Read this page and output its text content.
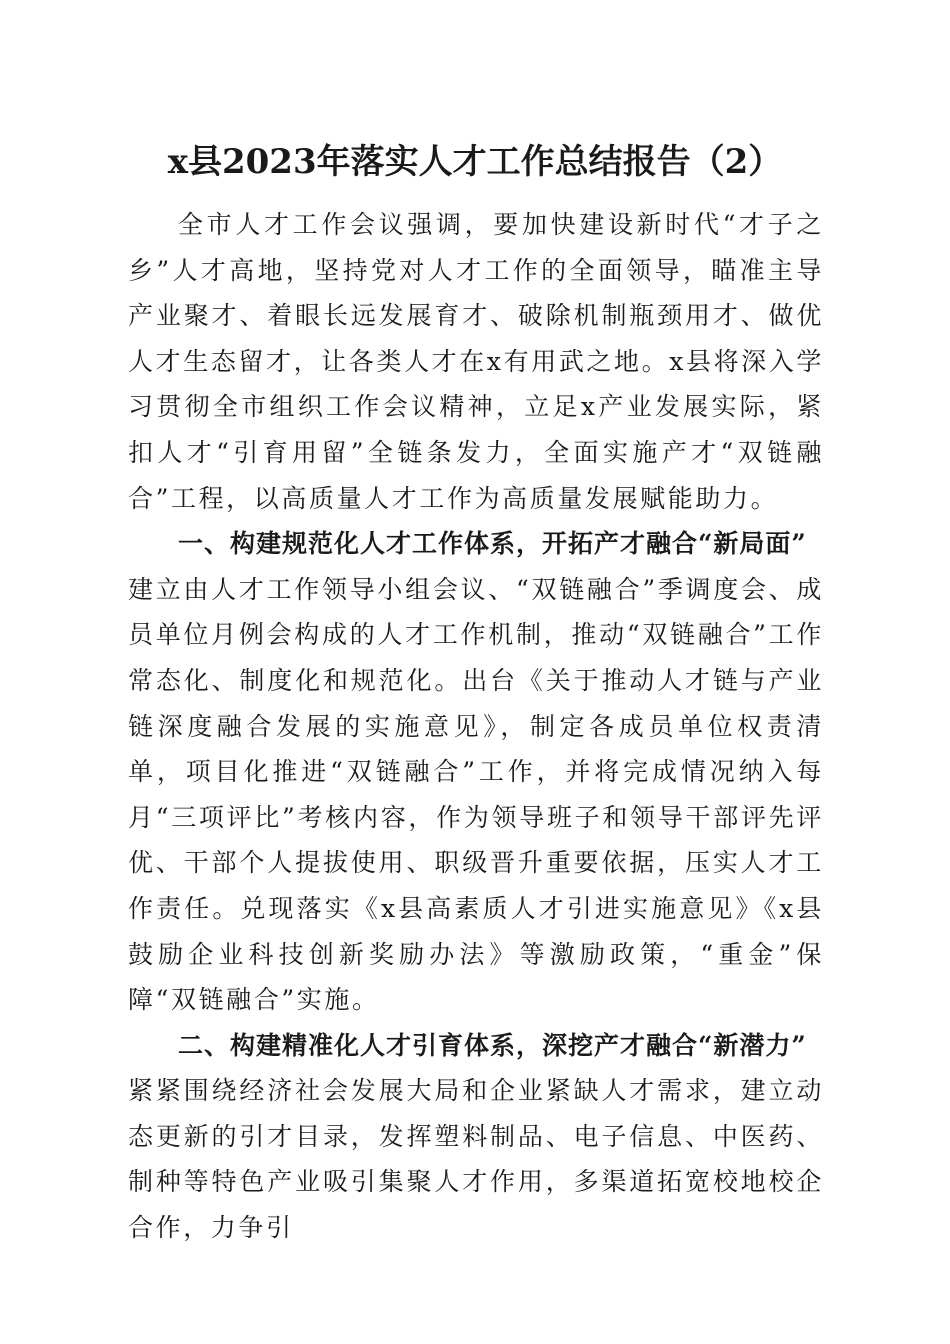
x县2023年落实人才工作总结报告（2）

全市人才工作会议强调，要加快建设新时代“才子之乡”人才高地，坚持党对人才工作的全面领导，瞄准主导产业聚才、着眼长远发展育才、破除机制瓶颈用才、做优人才生态留才，让各类人才在x有用武之地。x县将深入学习贯彻全市组织工作会议精神，立足x产业发展实际，紧扣人才“引育用留”全链条发力，全面实施产才“双链融合”工程，以高质量人才工作为高质量发展赋能助力。

一、构建规范化人才工作体系，开拓产才融合“新局面”

建立由人才工作领导小组会议、“双链融合”季调度会、成员单位月例会构成的人才工作机制，推动“双链融合”工作常态化、制度化和规范化。出台《关于推动人才链与产业链深度融合发展的实施意见》，制定各成员单位权责清单，项目化推进“双链融合”工作，并将完成情况纳入每月“三项评比”考核内容，作为领导班子和领导干部评先评优、干部个人提拔使用、职级晋升重要依据，压实人才工作责任。兑现落实《x县高素质人才引进实施意见》《x县鼓励企业科技创新奖励办法》等激励政策，“重金”保障“双链融合”实施。

二、构建精准化人才引育体系，深挖产才融合“新潜力”

紧紧围绕经济社会发展大局和企业紧缺人才需求，建立动态更新的引才目录，发挥塑料制品、电子信息、中医药、制种等特色产业吸引集聚人才作用，多渠道拓宽校地校企合作，力争引
